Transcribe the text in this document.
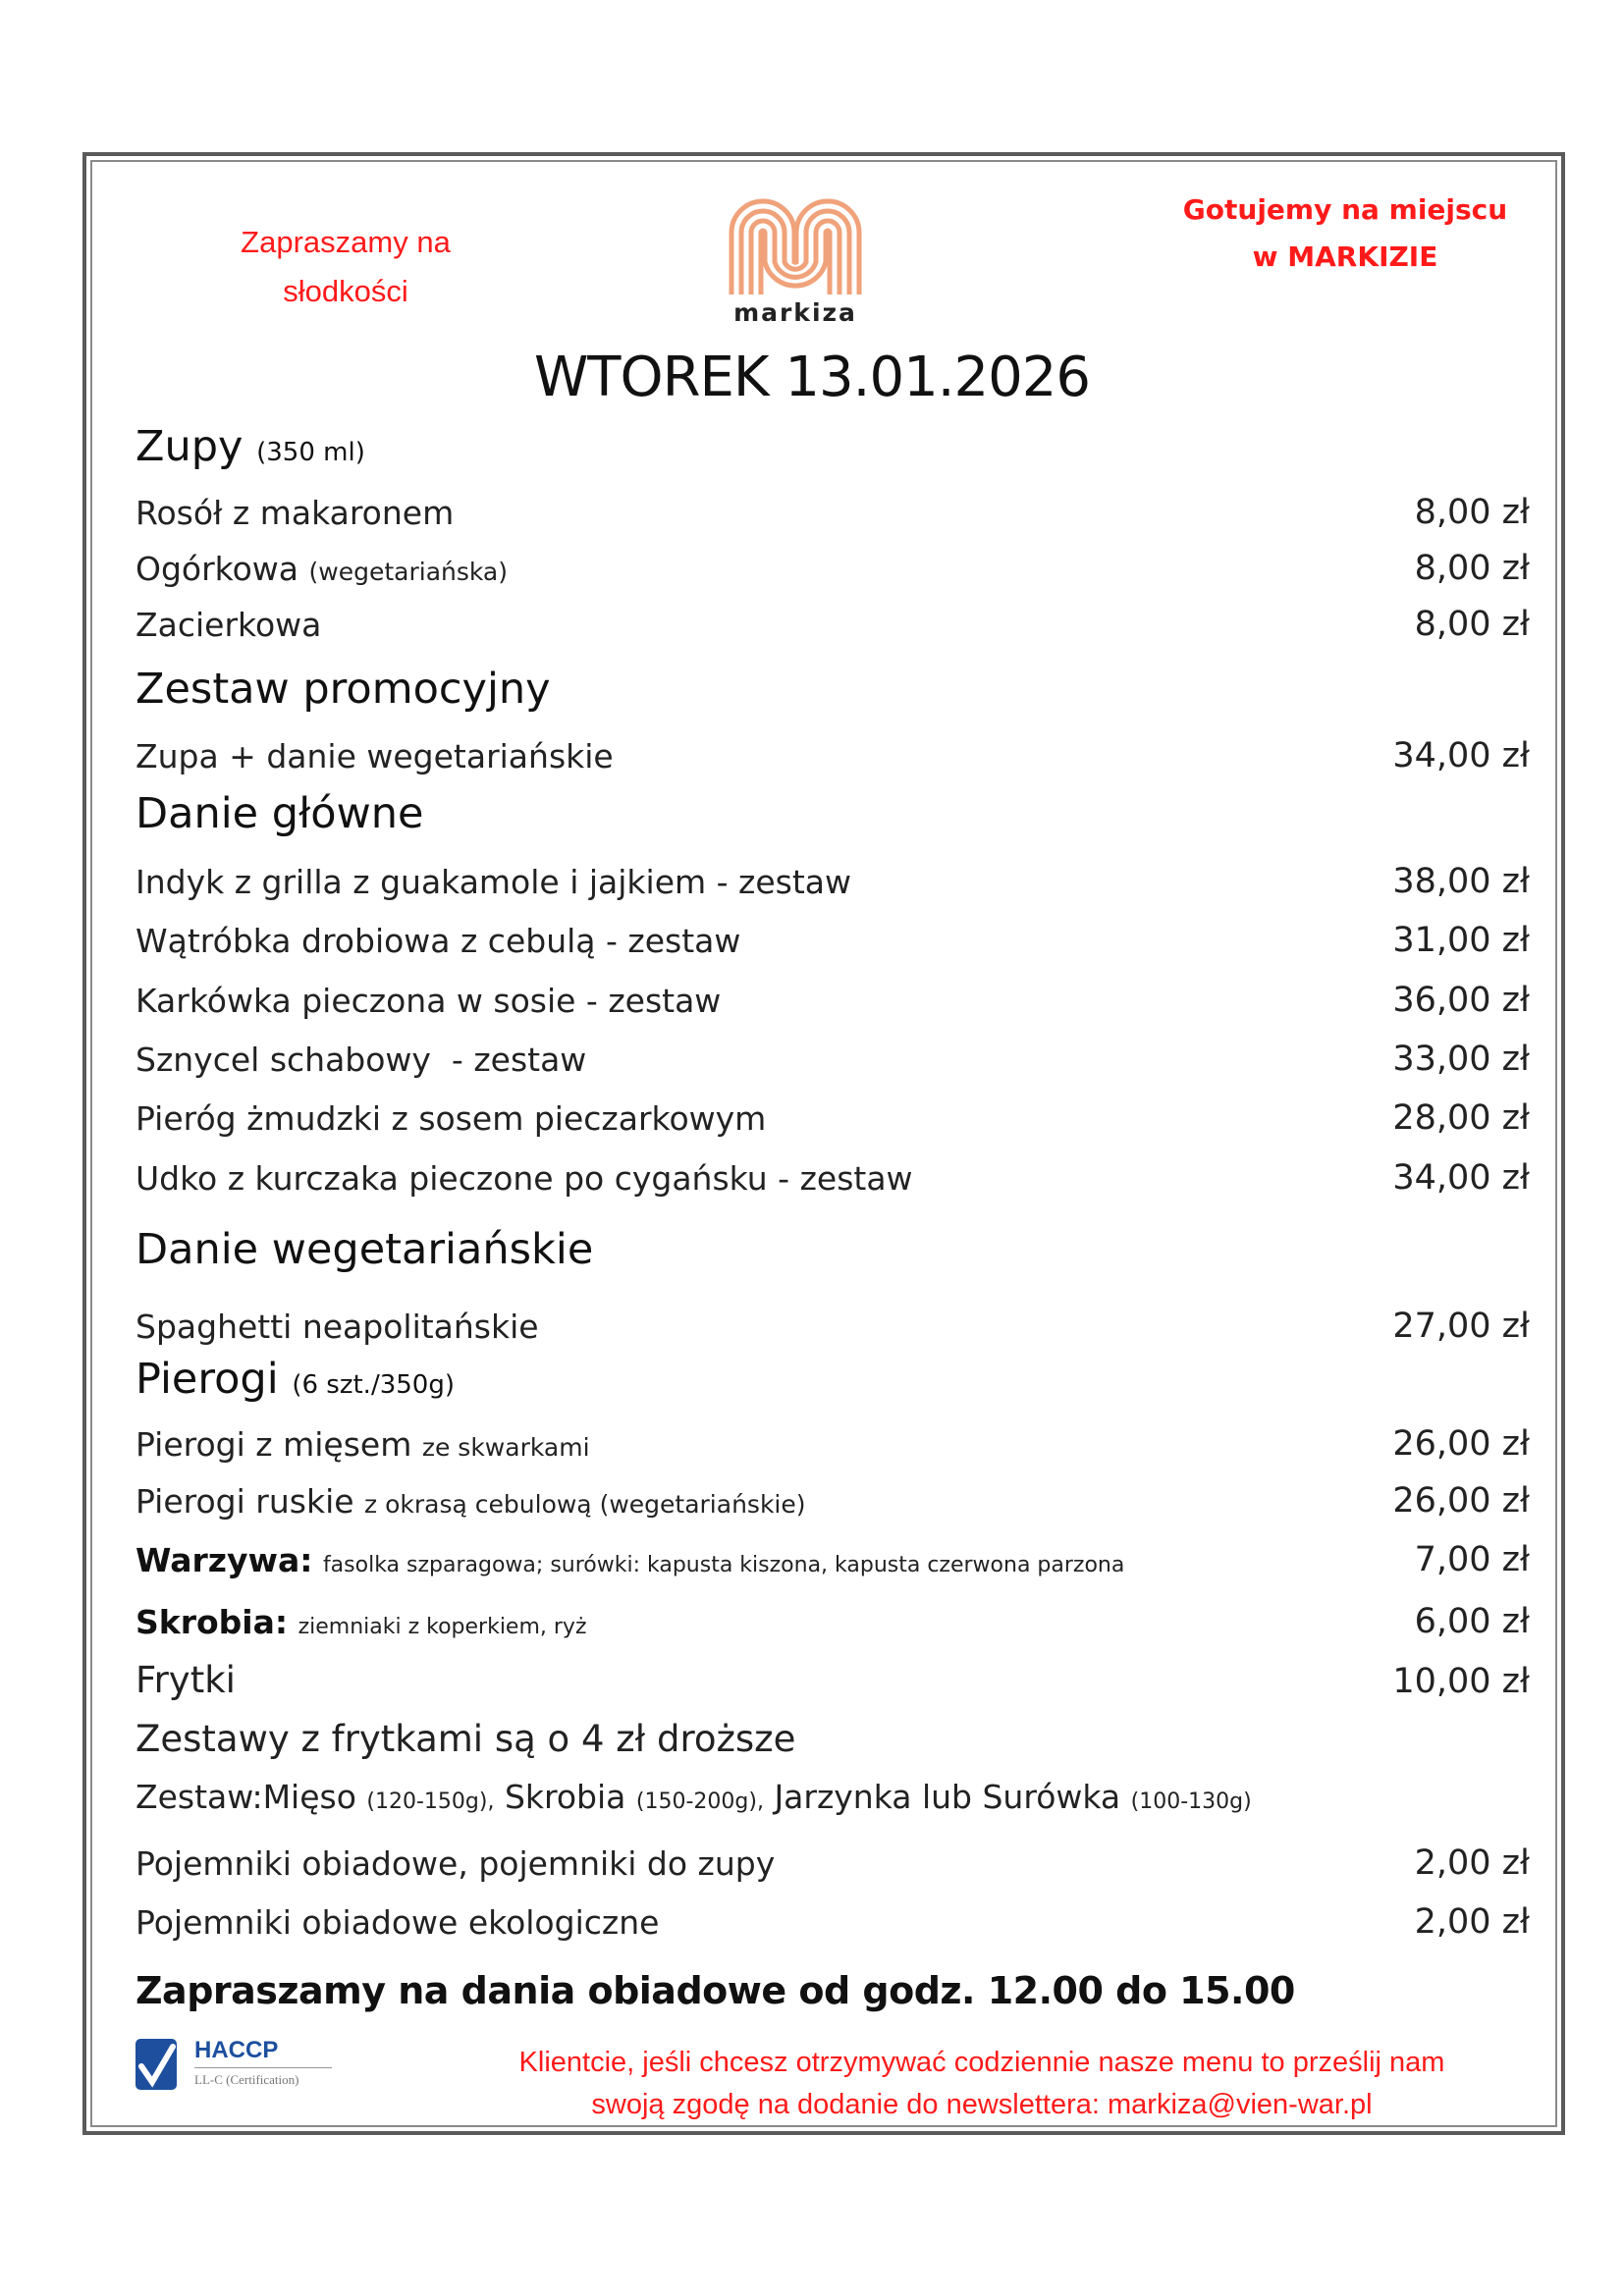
Zapraszamy na
słodkości
markiza
Gotujemy na miejscu
w MARKIZIE
WTOREK 13.01.2026
Zupy (350 ml)
Rosół z makaronem	8,00 zł
Ogórkowa (wegetariańska)	8,00 zł
Zacierkowa	8,00 zł
Zestaw promocyjny
Zupa + danie wegetariańskie	34,00 zł
Danie główne
Indyk z grilla z guakamole i jajkiem - zestaw	38,00 zł
Wątróbka drobiowa z cebulą - zestaw	31,00 zł
Karkówka pieczona w sosie - zestaw	36,00 zł
Sznycel schabowy  - zestaw	33,00 zł
Pieróg żmudzki z sosem pieczarkowym	28,00 zł
Udko z kurczaka pieczone po cygańsku - zestaw	34,00 zł
Danie wegetariańskie
Spaghetti neapolitańskie	27,00 zł
Pierogi (6 szt./350g)
Pierogi z mięsem ze skwarkami	26,00 zł
Pierogi ruskie z okrasą cebulową (wegetariańskie)	26,00 zł
Warzywa: fasolka szparagowa; surówki: kapusta kiszona, kapusta czerwona parzona	7,00 zł
Skrobia: ziemniaki z koperkiem, ryż	6,00 zł
Frytki	10,00 zł
Zestawy z frytkami są o 4 zł droższe
Zestaw:Mięso (120-150g), Skrobia (150-200g), Jarzynka lub Surówka (100-130g)
Pojemniki obiadowe, pojemniki do zupy	2,00 zł
Pojemniki obiadowe ekologiczne	2,00 zł
Zapraszamy na dania obiadowe od godz. 12.00 do 15.00
HACCP
LL-C (Certification)
Klientcie, jeśli chcesz otrzymywać codziennie nasze menu to prześlij nam
swoją zgodę na dodanie do newslettera: markiza@vien-war.pl
